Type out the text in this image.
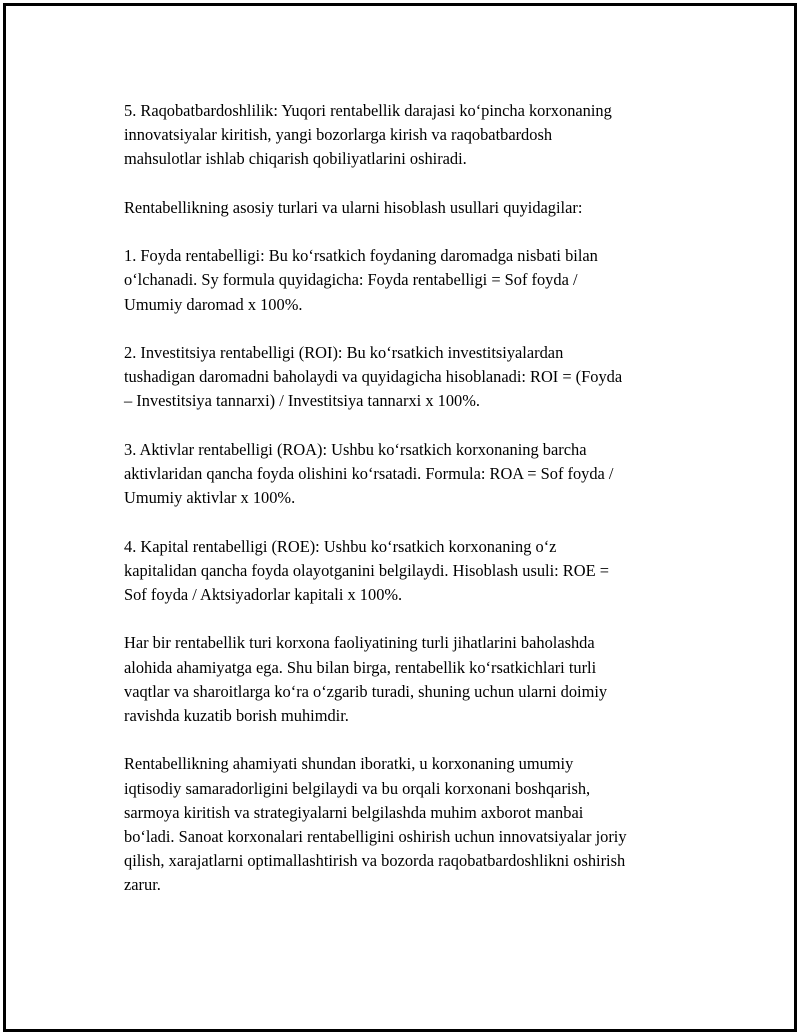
5. Raqobatbardoshlilik: Yuqori rentabellik darajasi koʻpincha korxonaning
innovatsiyalar kiritish, yangi bozorlarga kirish va raqobatbardosh
mahsulotlar ishlab chiqarish qobiliyatlarini oshiradi.

Rentabellikning asosiy turlari va ularni hisoblash usullari quyidagilar:

1. Foyda rentabelligi: Bu koʻrsatkich foydaning daromadga nisbati bilan
oʻlchanadi. Sy formula quyidagicha: Foyda rentabelligi = Sof foyda /
Umumiy daromad x 100%.

2. Investitsiya rentabelligi (ROI): Bu koʻrsatkich investitsiyalardan
tushadigan daromadni baholaydi va quyidagicha hisoblanadi: ROI = (Foyda
– Investitsiya tannarxi) / Investitsiya tannarxi x 100%.

3. Aktivlar rentabelligi (ROA): Ushbu koʻrsatkich korxonaning barcha
aktivlaridan qancha foyda olishini koʻrsatadi. Formula: ROA = Sof foyda /
Umumiy aktivlar x 100%.

4. Kapital rentabelligi (ROE): Ushbu koʻrsatkich korxonaning oʻz
kapitalidan qancha foyda olayotganini belgilaydi. Hisoblash usuli: ROE =
Sof foyda / Aktsiyadorlar kapitali x 100%.

Har bir rentabellik turi korxona faoliyatining turli jihatlarini baholashda
alohida ahamiyatga ega. Shu bilan birga, rentabellik koʻrsatkichlari turli
vaqtlar va sharoitlarga koʻra oʻzgarib turadi, shuning uchun ularni doimiy
ravishda kuzatib borish muhimdir.

Rentabellikning ahamiyati shundan iboratki, u korxonaning umumiy
iqtisodiy samaradorligini belgilaydi va bu orqali korxonani boshqarish,
sarmoya kiritish va strategiyalarni belgilashda muhim axborot manbai
boʻladi. Sanoat korxonalari rentabelligini oshirish uchun innovatsiyalar joriy
qilish, xarajatlarni optimallashtirish va bozorda raqobatbardoshlikni oshirish
zarur.
